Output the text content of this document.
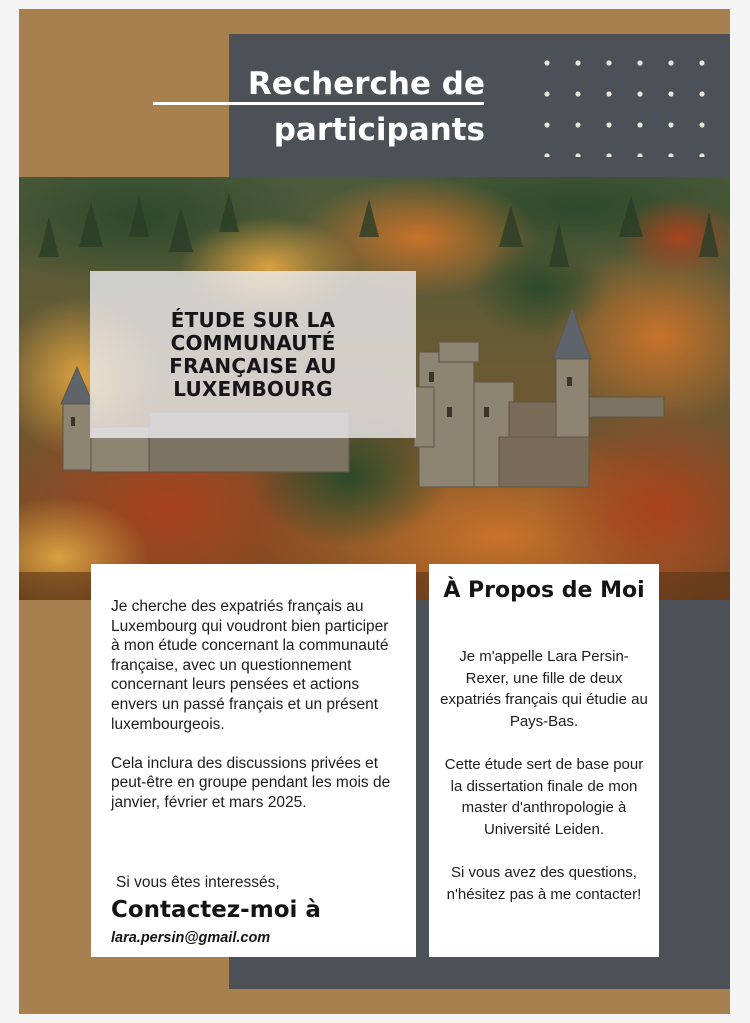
Recherche de
participants
ÉTUDE SUR LA COMMUNAUTÉ FRANÇAISE AU LUXEMBOURG

Je cherche des expatriés français au Luxembourg qui voudront bien participer à mon étude concernant la communauté française, avec un questionnement concernant leurs pensées et actions envers un passé français et un présent luxembourgeois.

Cela inclura des discussions privées et peut-être en groupe pendant les mois de janvier, février et mars 2025.

Si vous êtes interessés,
Contactez-moi à
lara.persin@gmail.com
À Propos de Moi

Je m'appelle Lara Persin-Rexer, une fille de deux expatriés français qui étudie au Pays-Bas.

Cette étude sert de base pour la dissertation finale de mon master d'anthropologie à Université Leiden.

Si vous avez des questions, n'hésitez pas à me contacter!
